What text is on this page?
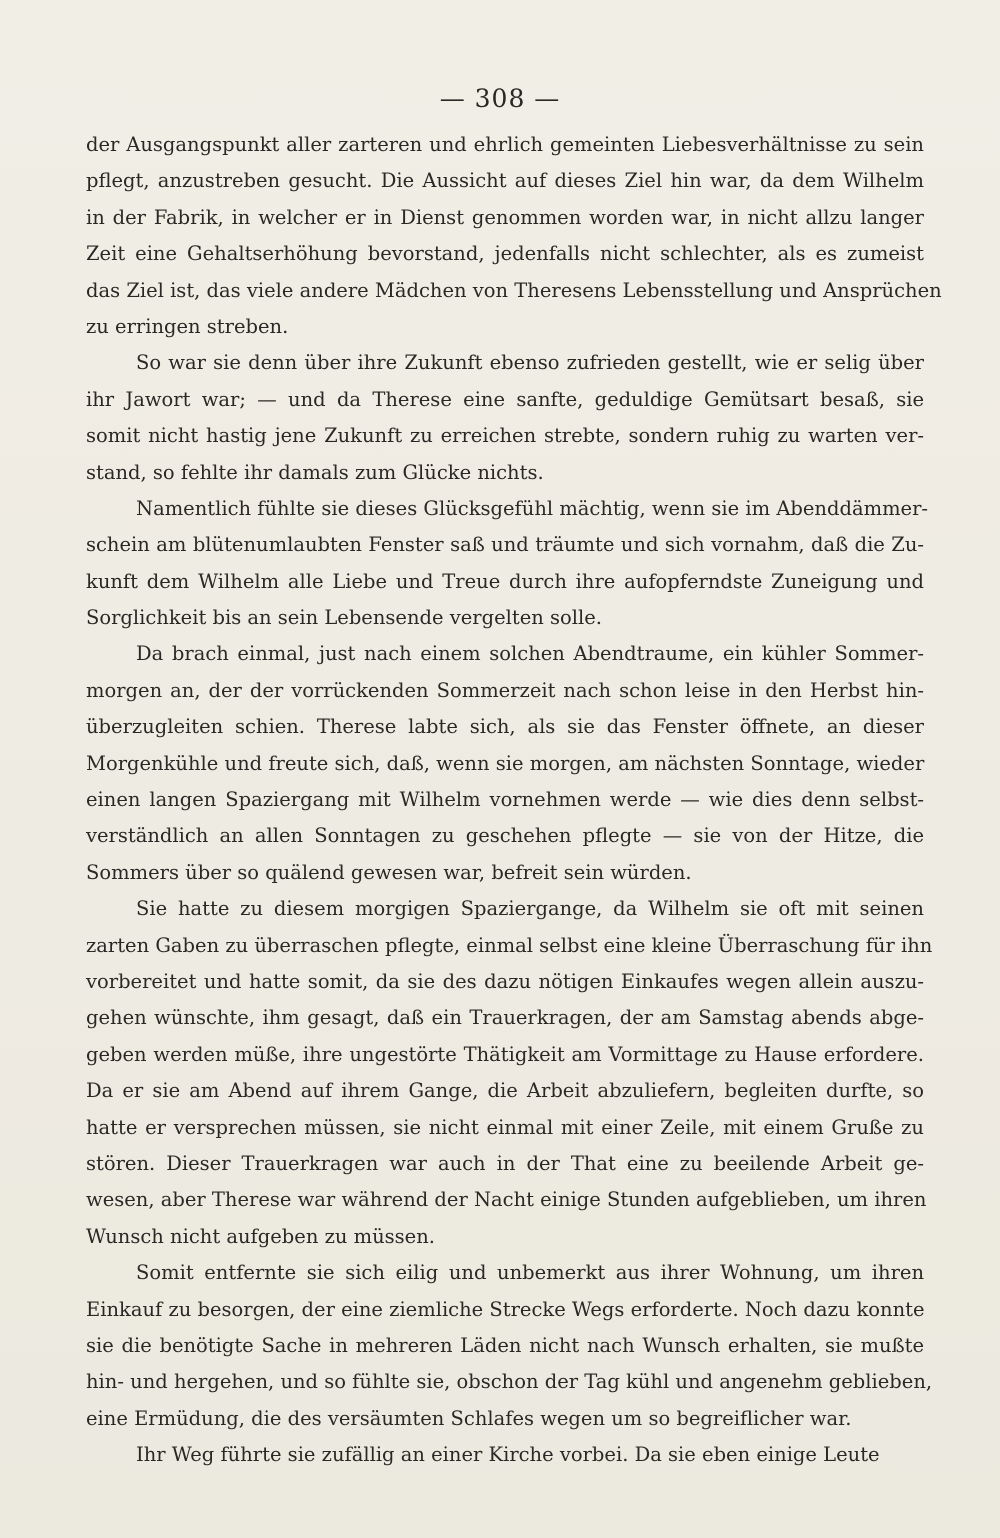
— 308 —
der Ausgangspunkt aller zarteren und ehrlich gemeinten Liebesverhältnisse zu sein
pflegt, anzustreben gesucht. Die Aussicht auf dieses Ziel hin war, da dem Wilhelm
in der Fabrik, in welcher er in Dienst genommen worden war, in nicht allzu langer
Zeit eine Gehaltserhöhung bevorstand, jedenfalls nicht schlechter, als es zumeist
das Ziel ist, das viele andere Mädchen von Theresens Lebensstellung und Ansprüchen
zu erringen streben.
So war sie denn über ihre Zukunft ebenso zufrieden gestellt, wie er selig über
ihr Jawort war; — und da Therese eine sanfte, geduldige Gemütsart besaß, sie
somit nicht hastig jene Zukunft zu erreichen strebte, sondern ruhig zu warten ver-
stand, so fehlte ihr damals zum Glücke nichts.
Namentlich fühlte sie dieses Glücksgefühl mächtig, wenn sie im Abenddämmer-
schein am blütenumlaubten Fenster saß und träumte und sich vornahm, daß die Zu-
kunft dem Wilhelm alle Liebe und Treue durch ihre aufopferndste Zuneigung und
Sorglichkeit bis an sein Lebensende vergelten solle.
Da brach einmal, just nach einem solchen Abendtraume, ein kühler Sommer-
morgen an, der der vorrückenden Sommerzeit nach schon leise in den Herbst hin-
überzugleiten schien. Therese labte sich, als sie das Fenster öffnete, an dieser
Morgenkühle und freute sich, daß, wenn sie morgen, am nächsten Sonntage, wieder
einen langen Spaziergang mit Wilhelm vornehmen werde — wie dies denn selbst-
verständlich an allen Sonntagen zu geschehen pflegte — sie von der Hitze, die
Sommers über so quälend gewesen war, befreit sein würden.
Sie hatte zu diesem morgigen Spaziergange, da Wilhelm sie oft mit seinen
zarten Gaben zu überraschen pflegte, einmal selbst eine kleine Überraschung für ihn
vorbereitet und hatte somit, da sie des dazu nötigen Einkaufes wegen allein auszu-
gehen wünschte, ihm gesagt, daß ein Trauerkragen, der am Samstag abends abge-
geben werden müße, ihre ungestörte Thätigkeit am Vormittage zu Hause erfordere.
Da er sie am Abend auf ihrem Gange, die Arbeit abzuliefern, begleiten durfte, so
hatte er versprechen müssen, sie nicht einmal mit einer Zeile, mit einem Gruße zu
stören. Dieser Trauerkragen war auch in der That eine zu beeilende Arbeit ge-
wesen, aber Therese war während der Nacht einige Stunden aufgeblieben, um ihren
Wunsch nicht aufgeben zu müssen.
Somit entfernte sie sich eilig und unbemerkt aus ihrer Wohnung, um ihren
Einkauf zu besorgen, der eine ziemliche Strecke Wegs erforderte. Noch dazu konnte
sie die benötigte Sache in mehreren Läden nicht nach Wunsch erhalten, sie mußte
hin- und hergehen, und so fühlte sie, obschon der Tag kühl und angenehm geblieben,
eine Ermüdung, die des versäumten Schlafes wegen um so begreiflicher war.
Ihr Weg führte sie zufällig an einer Kirche vorbei. Da sie eben einige Leute
